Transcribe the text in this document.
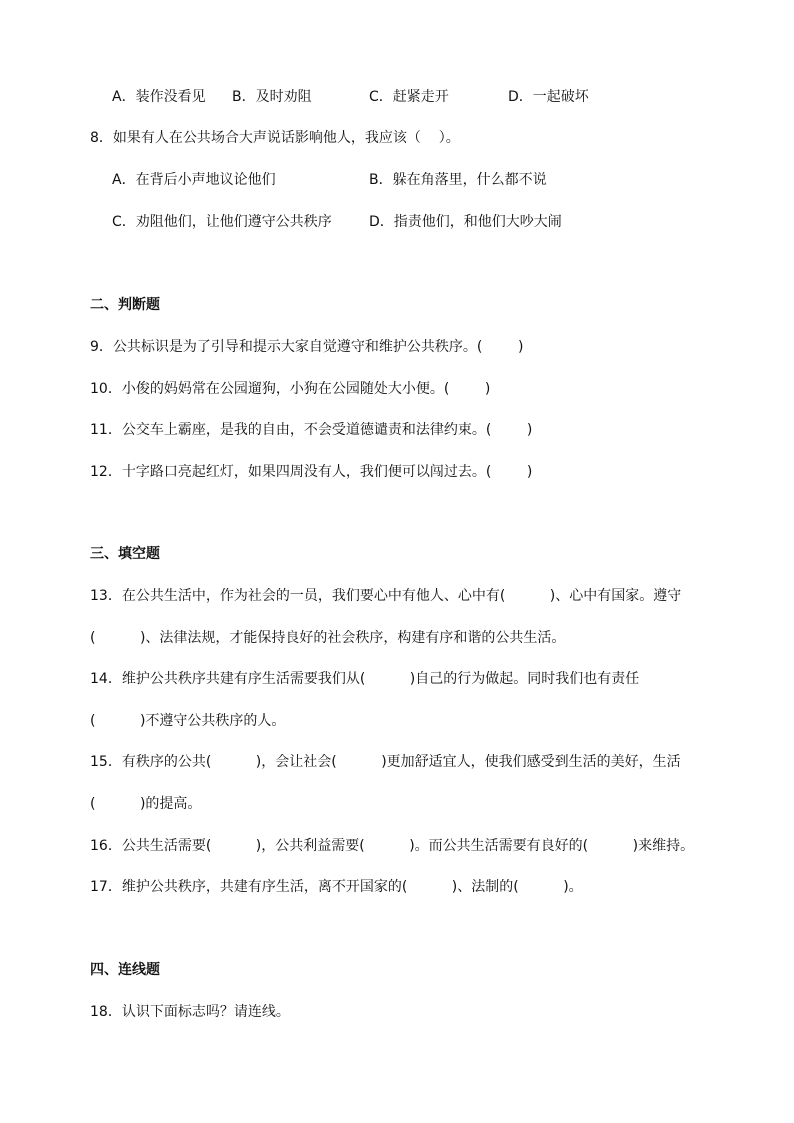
A．装作没看见 B．及时劝阻	C．赶紧走开	D．一起破坏
8．如果有人在公共场合大声说话影响他人，我应该（    ）。
A．在背后小声地议论他们	B．躲在角落里，什么都不说
C．劝阻他们，让他们遵守公共秩序	D．指责他们，和他们大吵大闹
二、判断题
9．公共标识是为了引导和提示大家自觉遵守和维护公共秩序。(        )
10．小俊的妈妈常在公园遛狗，小狗在公园随处大小便。(        )
11．公交车上霸座，是我的自由，不会受道德谴责和法律约束。(        )
12．十字路口亮起红灯，如果四周没有人，我们便可以闯过去。(        )
三、填空题
13．在公共生活中，作为社会的一员，我们要心中有他人、心中有(          )、心中有国家。遵守
(          )、法律法规，才能保持良好的社会秩序，构建有序和谐的公共生活。
14．维护公共秩序共建有序生活需要我们从(          )自己的行为做起。同时我们也有责任
(          )不遵守公共秩序的人。
15．有秩序的公共(          )，会让社会(          )更加舒适宜人，使我们感受到生活的美好，生活
(          )的提高。
16．公共生活需要(          )，公共利益需要(          )。而公共生活需要有良好的(          )来维持。
17．维护公共秩序，共建有序生活，离不开国家的(          )、法制的(          )。
四、连线题
18．认识下面标志吗？请连线。
